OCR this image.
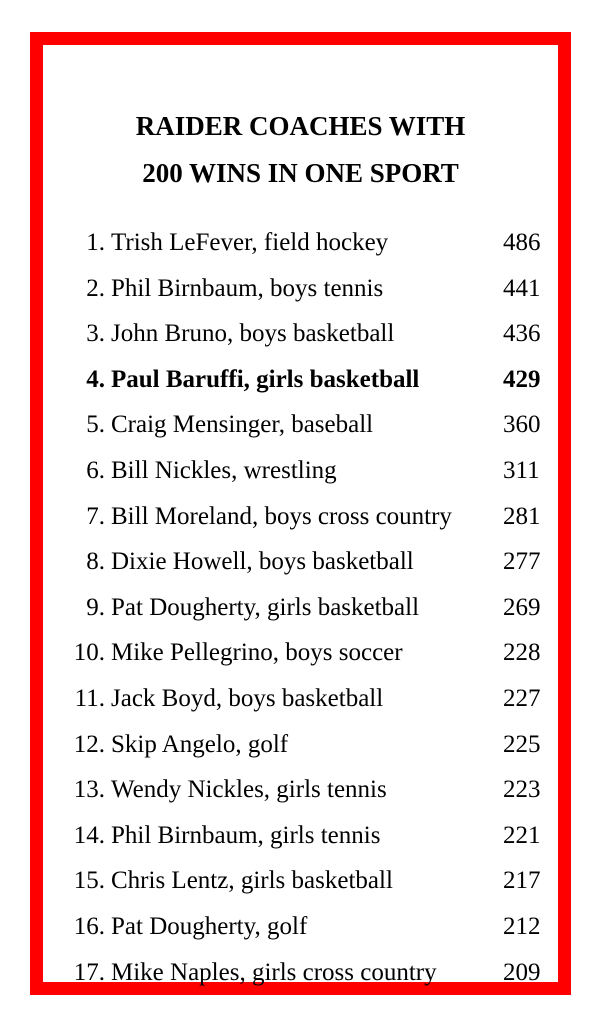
RAIDER COACHES WITH
200 WINS IN ONE SPORT
1. Trish LeFever, field hockey	486
2. Phil Birnbaum, boys tennis	441
3. John Bruno, boys basketball	436
4. Paul Baruffi, girls basketball	429
5. Craig Mensinger, baseball	360
6. Bill Nickles, wrestling	311
7. Bill Moreland, boys cross country 281
8. Dixie Howell, boys basketball	277
9. Pat Dougherty, girls basketball	269
10. Mike Pellegrino, boys soccer	228
11. Jack Boyd, boys basketball	227
12. Skip Angelo, golf	225
13. Wendy Nickles, girls tennis	223
14. Phil Birnbaum, girls tennis	221
15. Chris Lentz, girls basketball	217
16. Pat Dougherty, golf	212
17. Mike Naples, girls cross country	209
